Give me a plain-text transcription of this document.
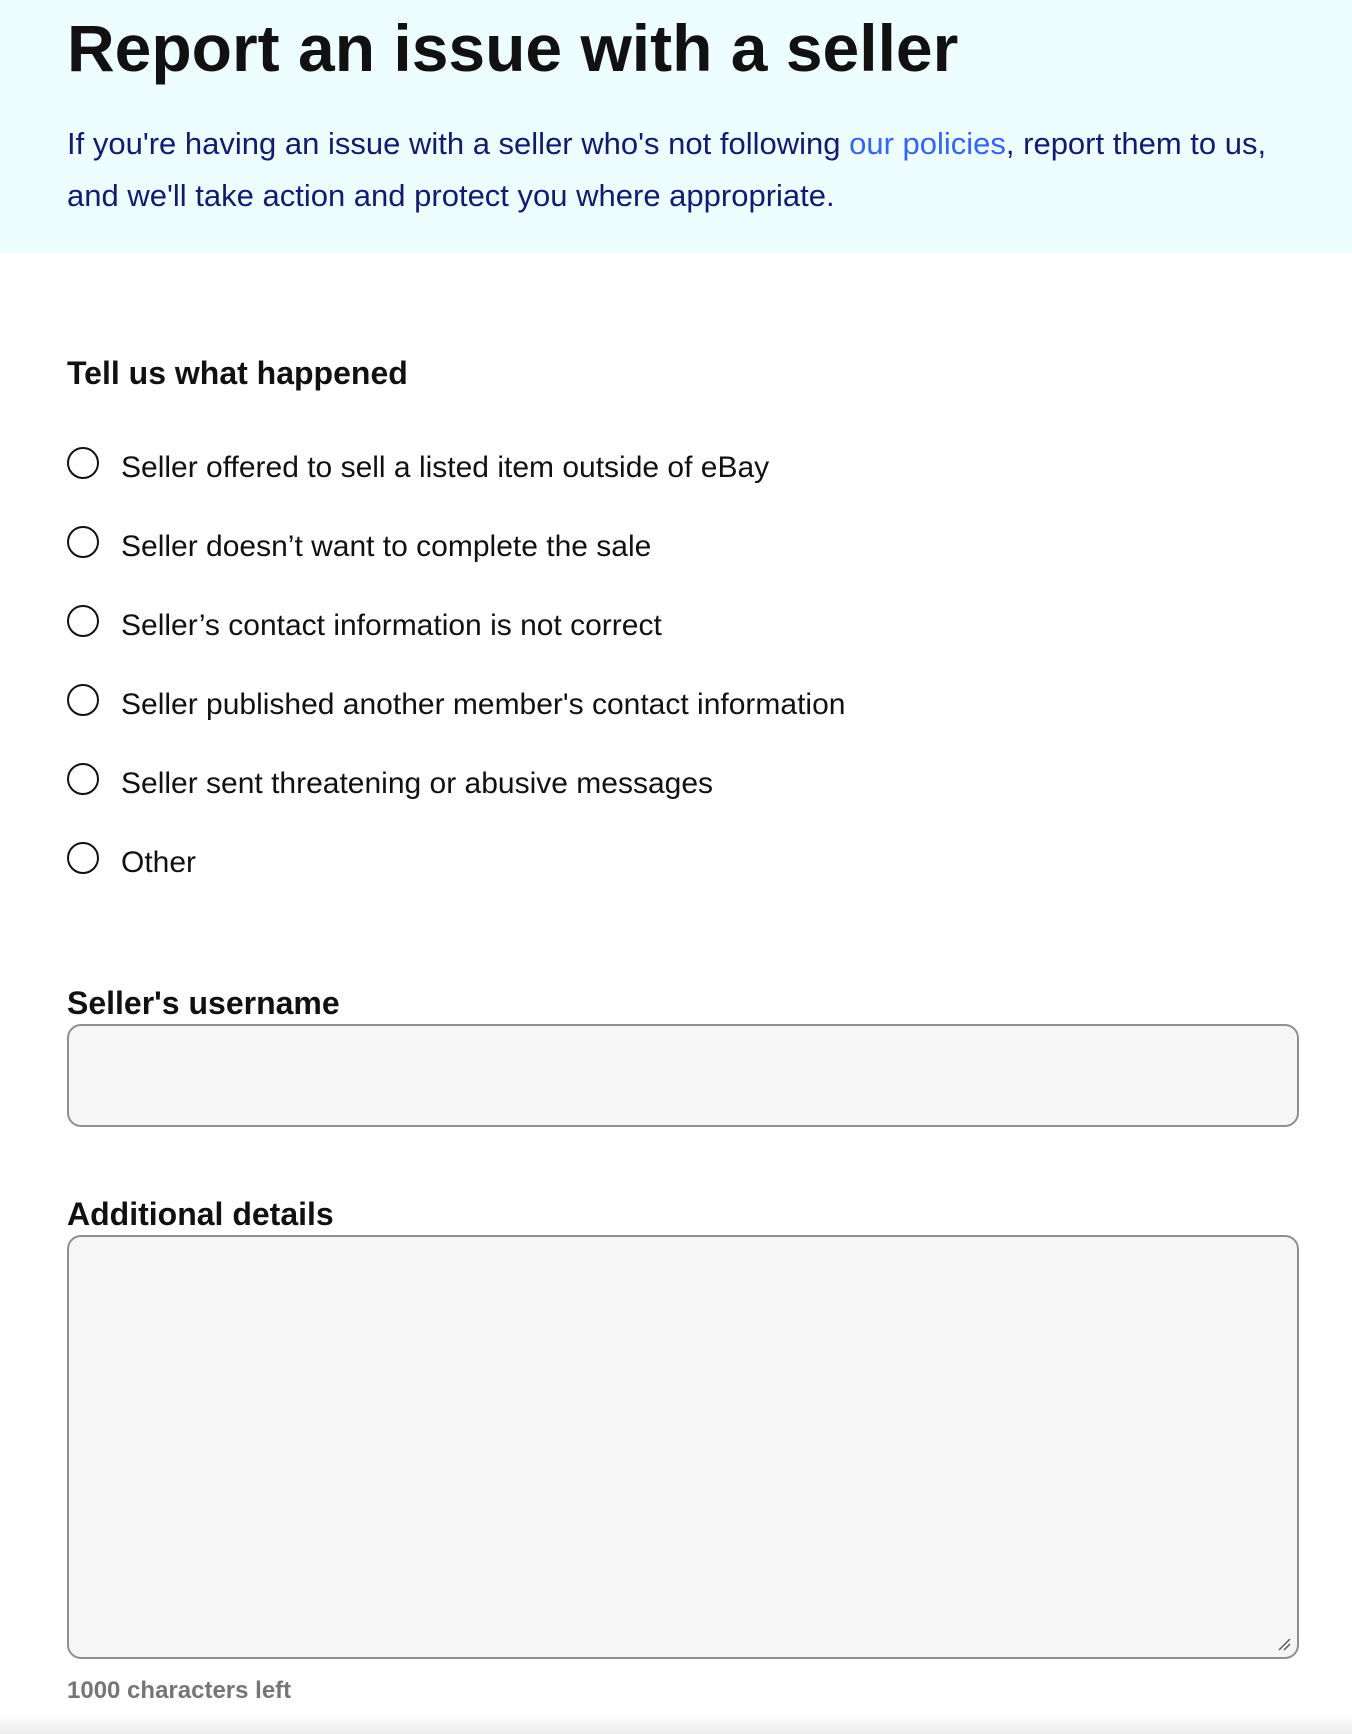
Report an issue with a seller

If you're having an issue with a seller who's not following our policies, report them to us, and we'll take action and protect you where appropriate.

Tell us what happened
Seller offered to sell a listed item outside of eBay
Seller doesn’t want to complete the sale
Seller’s contact information is not correct
Seller published another member's contact information
Seller sent threatening or abusive messages
Other
Seller's username
Additional details

1000 characters left
